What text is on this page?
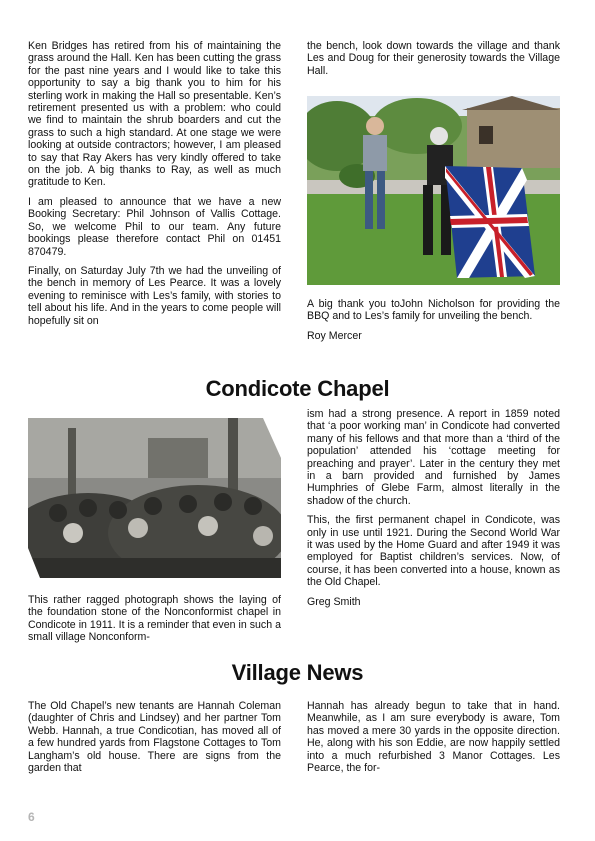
Ken Bridges has retired from his of maintaining the grass around the Hall. Ken has been cutting the grass for the past nine years and I would like to take this opportunity to say a big thank you to him for his sterling work in making the Hall so presentable. Ken’s retirement presented us with a problem: who could we find to maintain the shrub boarders and cut the grass to such a high standard. At one stage we were looking at outside contractors; however, I am pleased to say that Ray Akers has very kindly offered to take on the job. A big thanks to Ray, as well as much gratitude to Ken.

I am pleased to announce that we have a new Booking Secretary: Phil Johnson of Vallis Cottage. So, we welcome Phil to our team. Any future bookings please therefore contact Phil on 01451 870479.

Finally, on Saturday July 7th we had the unveiling of the bench in memory of Les Pearce. It was a lovely evening to reminisce with Les’s family, with stories to tell about his life. And in the years to come people will hopefully sit on

the bench, look down towards the village and thank Les and Doug for their generosity towards the Village Hall.

A big thank you toJohn Nicholson for providing the BBQ and to Les’s family for unveiling the bench.

Roy Mercer

Condicote Chapel

This rather ragged photograph shows the laying of the foundation stone of the Nonconformist chapel in Condicote in 1911. It is a reminder that even in such a small village Nonconform-

ism had a strong presence. A report in 1859 noted that ‘a poor working man’ in Condicote had converted many of his fellows and that more than a ‘third of the population’ attended his ‘cottage meeting for preaching and prayer’. Later in the century they met in a barn provided and furnished by James Humphries of Glebe Farm, almost literally in the shadow of the church.

This, the first permanent chapel in Condicote, was only in use until 1921. During the Second World War it was used by the Home Guard and after 1949 it was employed for Baptist children’s services. Now, of course, it has been converted into a house, known as the Old Chapel.

Greg Smith

Village News

The Old Chapel’s new tenants are Hannah Coleman (daughter of Chris and Lindsey) and her partner Tom Webb. Hannah, a true Condicotian, has moved all of a few hundred yards from Flagstone Cottages to Tom Langham’s old house. There are signs from the garden that

Hannah has already begun to take that in hand. Meanwhile, as I am sure everybody is aware, Tom has moved a mere 30 yards in the opposite direction. He, along with his son Eddie, are now happily settled into a much refurbished 3 Manor Cottages. Les Pearce, the for-

6
